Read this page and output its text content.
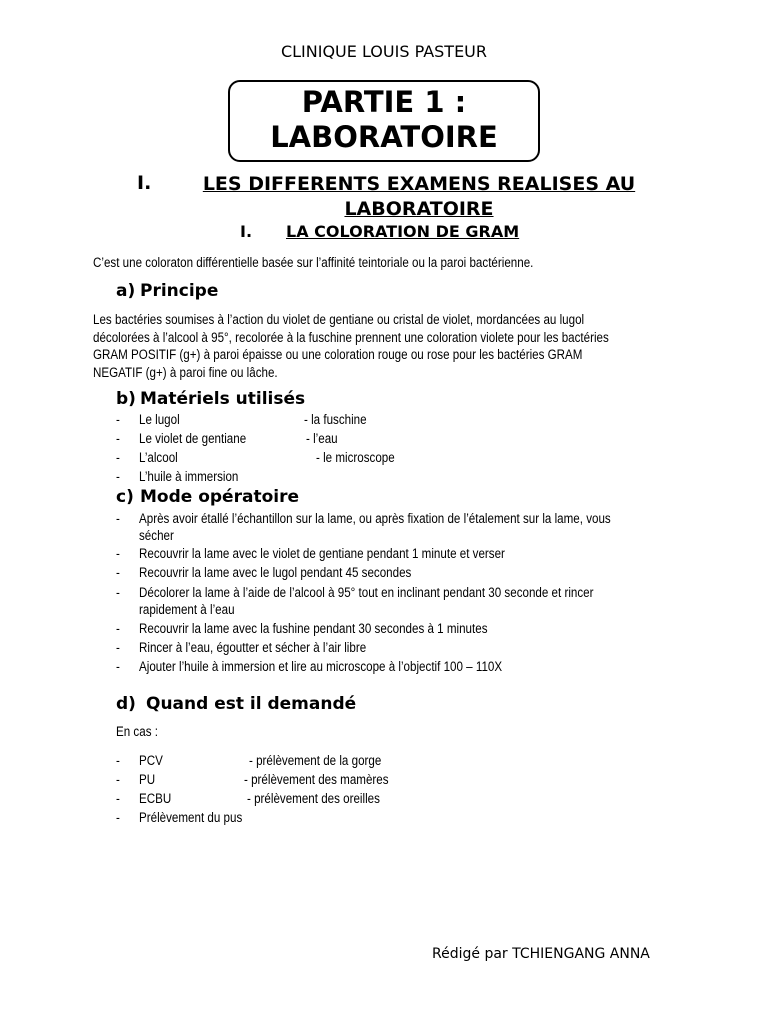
CLINIQUE LOUIS PASTEUR
PARTIE 1 :
LABORATOIRE
I.	LES DIFFERENTS EXAMENS REALISES AU LABORATOIRE
I. LA COLORATION DE GRAM
C’est une coloraton différentielle basée sur l’affinité teintoriale ou la paroi bactérienne.
a) Principe
Les bactéries soumises à l’action du violet de gentiane ou cristal de violet, mordancées au lugol
décolorées à l’alcool à 95°, recolorée à la fuschine prennent une coloration violete pour les bactéries
GRAM POSITIF (g+) à paroi épaisse ou une coloration rouge ou rose pour les bactéries GRAM
NEGATIF (g+) à paroi fine ou lâche.
b) Matériels utilisés
- Le lugol	- la fuschine
- Le violet de gentiane	- l’eau
- L’alcool	- le microscope
- L’huile à immersion
c) Mode opératoire
- Après avoir étallé l’échantillon sur la lame, ou après fixation de l’étalement sur la lame, vous
sécher
- Recouvrir la lame avec le violet de gentiane pendant 1 minute et verser
- Recouvrir la lame avec le lugol pendant 45 secondes
- Décolorer la lame à l’aide de l’alcool à 95° tout en inclinant pendant 30 seconde et rincer
rapidement à l’eau
- Recouvrir la lame avec la fushine pendant 30 secondes à 1 minutes
- Rincer à l’eau, égoutter et sécher à l’air libre
- Ajouter l’huile à immersion et lire au microscope à l’objectif 100 – 110X
d) Quand est il demandé
En cas :
- PCV	- prélèvement de la gorge
- PU	- prélèvement des mamères
- ECBU	- prélèvement des oreilles
- Prélèvement du pus
Rédigé par TCHIENGANG ANNA
